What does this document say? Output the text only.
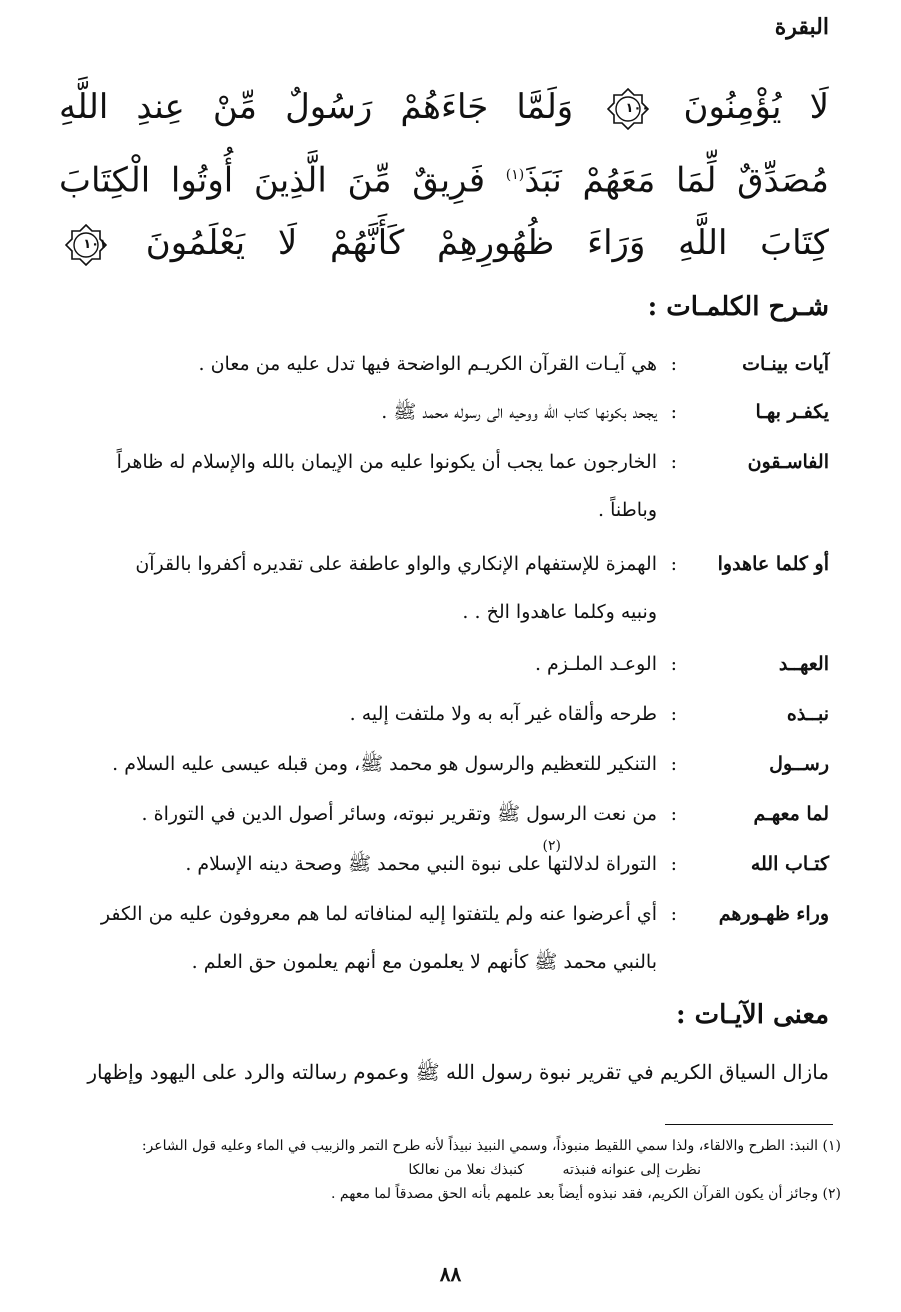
البقرة
لَا يُؤْمِنُونَ
١٠٠
وَلَمَّا جَاءَهُمْ رَسُولٌ مِّنْ عِندِ اللَّهِ
مُصَدِّقٌ لِّمَا مَعَهُمْ نَبَذَ$^{(١)}$ فَرِيقٌ مِّنَ الَّذِينَ أُوتُوا الْكِتَابَ
كِتَابَ اللَّهِ وَرَاءَ ظُهُورِهِمْ كَأَنَّهُمْ لَا يَعْلَمُونَ
١٠١
شـرح الكلمـات :
آيات بينـات
:
هي آيـات القرآن الكريـم الواضحة فيها تدل عليه من معان .
يكفـر بهـا
:
يجحد بكونها كتاب الله ووحيه الى رسوله محمد ﷺ .
الفاسـقون
:
الخارجون عما يجب أن يكونوا عليه من الإيمان بالله والإسلام له ظاهراً
وباطناً .
أو كلما عاهدوا
:
الهمزة للإستفهام الإنكاري والواو عاطفة على تقديره أكفروا بالقرآن
ونبيه وكلما عاهدوا الخ . .
العهــد
:
الوعـد الملـزم .
نبــذه
:
طرحه وألقاه غير آبه به ولا ملتفت إليه .
رســول
:
التنكير للتعظيم والرسول هو محمد ﷺ، ومن قبله عيسى عليه السلام .
لما معهـم
:
من نعت الرسول ﷺ وتقرير نبوته، وسائر أصول الدين في التوراة .
كتـاب الله
:
(٢)
التوراة لدلالتها على نبوة النبي محمد ﷺ وصحة دينه الإسلام .
وراء ظهـورهم
:
أي أعرضوا عنه ولم يلتفتوا إليه لمنافاته لما هم معروفون عليه من الكفر
بالنبي محمد ﷺ كأنهم لا يعلمون مع أنهم يعلمون حق العلم .
معنى الآيـات :
مازال السياق الكريم في تقرير نبوة رسول الله ﷺ وعموم رسالته والرد على اليهود وإظهار
(١) النبذ: الطرح والالقاء، ولذا سمي اللقيط منبوذاً، وسمي النبيذ نبيذاً لأنه طرح التمر والزبيب في الماء وعليه قول الشاعر:
نظرت إلى عنوانه فنبذته كنبذك نعلا من نعالكا
(٢) وجائز أن يكون القرآن الكريم، فقد نبذوه أيضاً بعد علمهم بأنه الحق مصدقاً لما معهم .
٨٨
